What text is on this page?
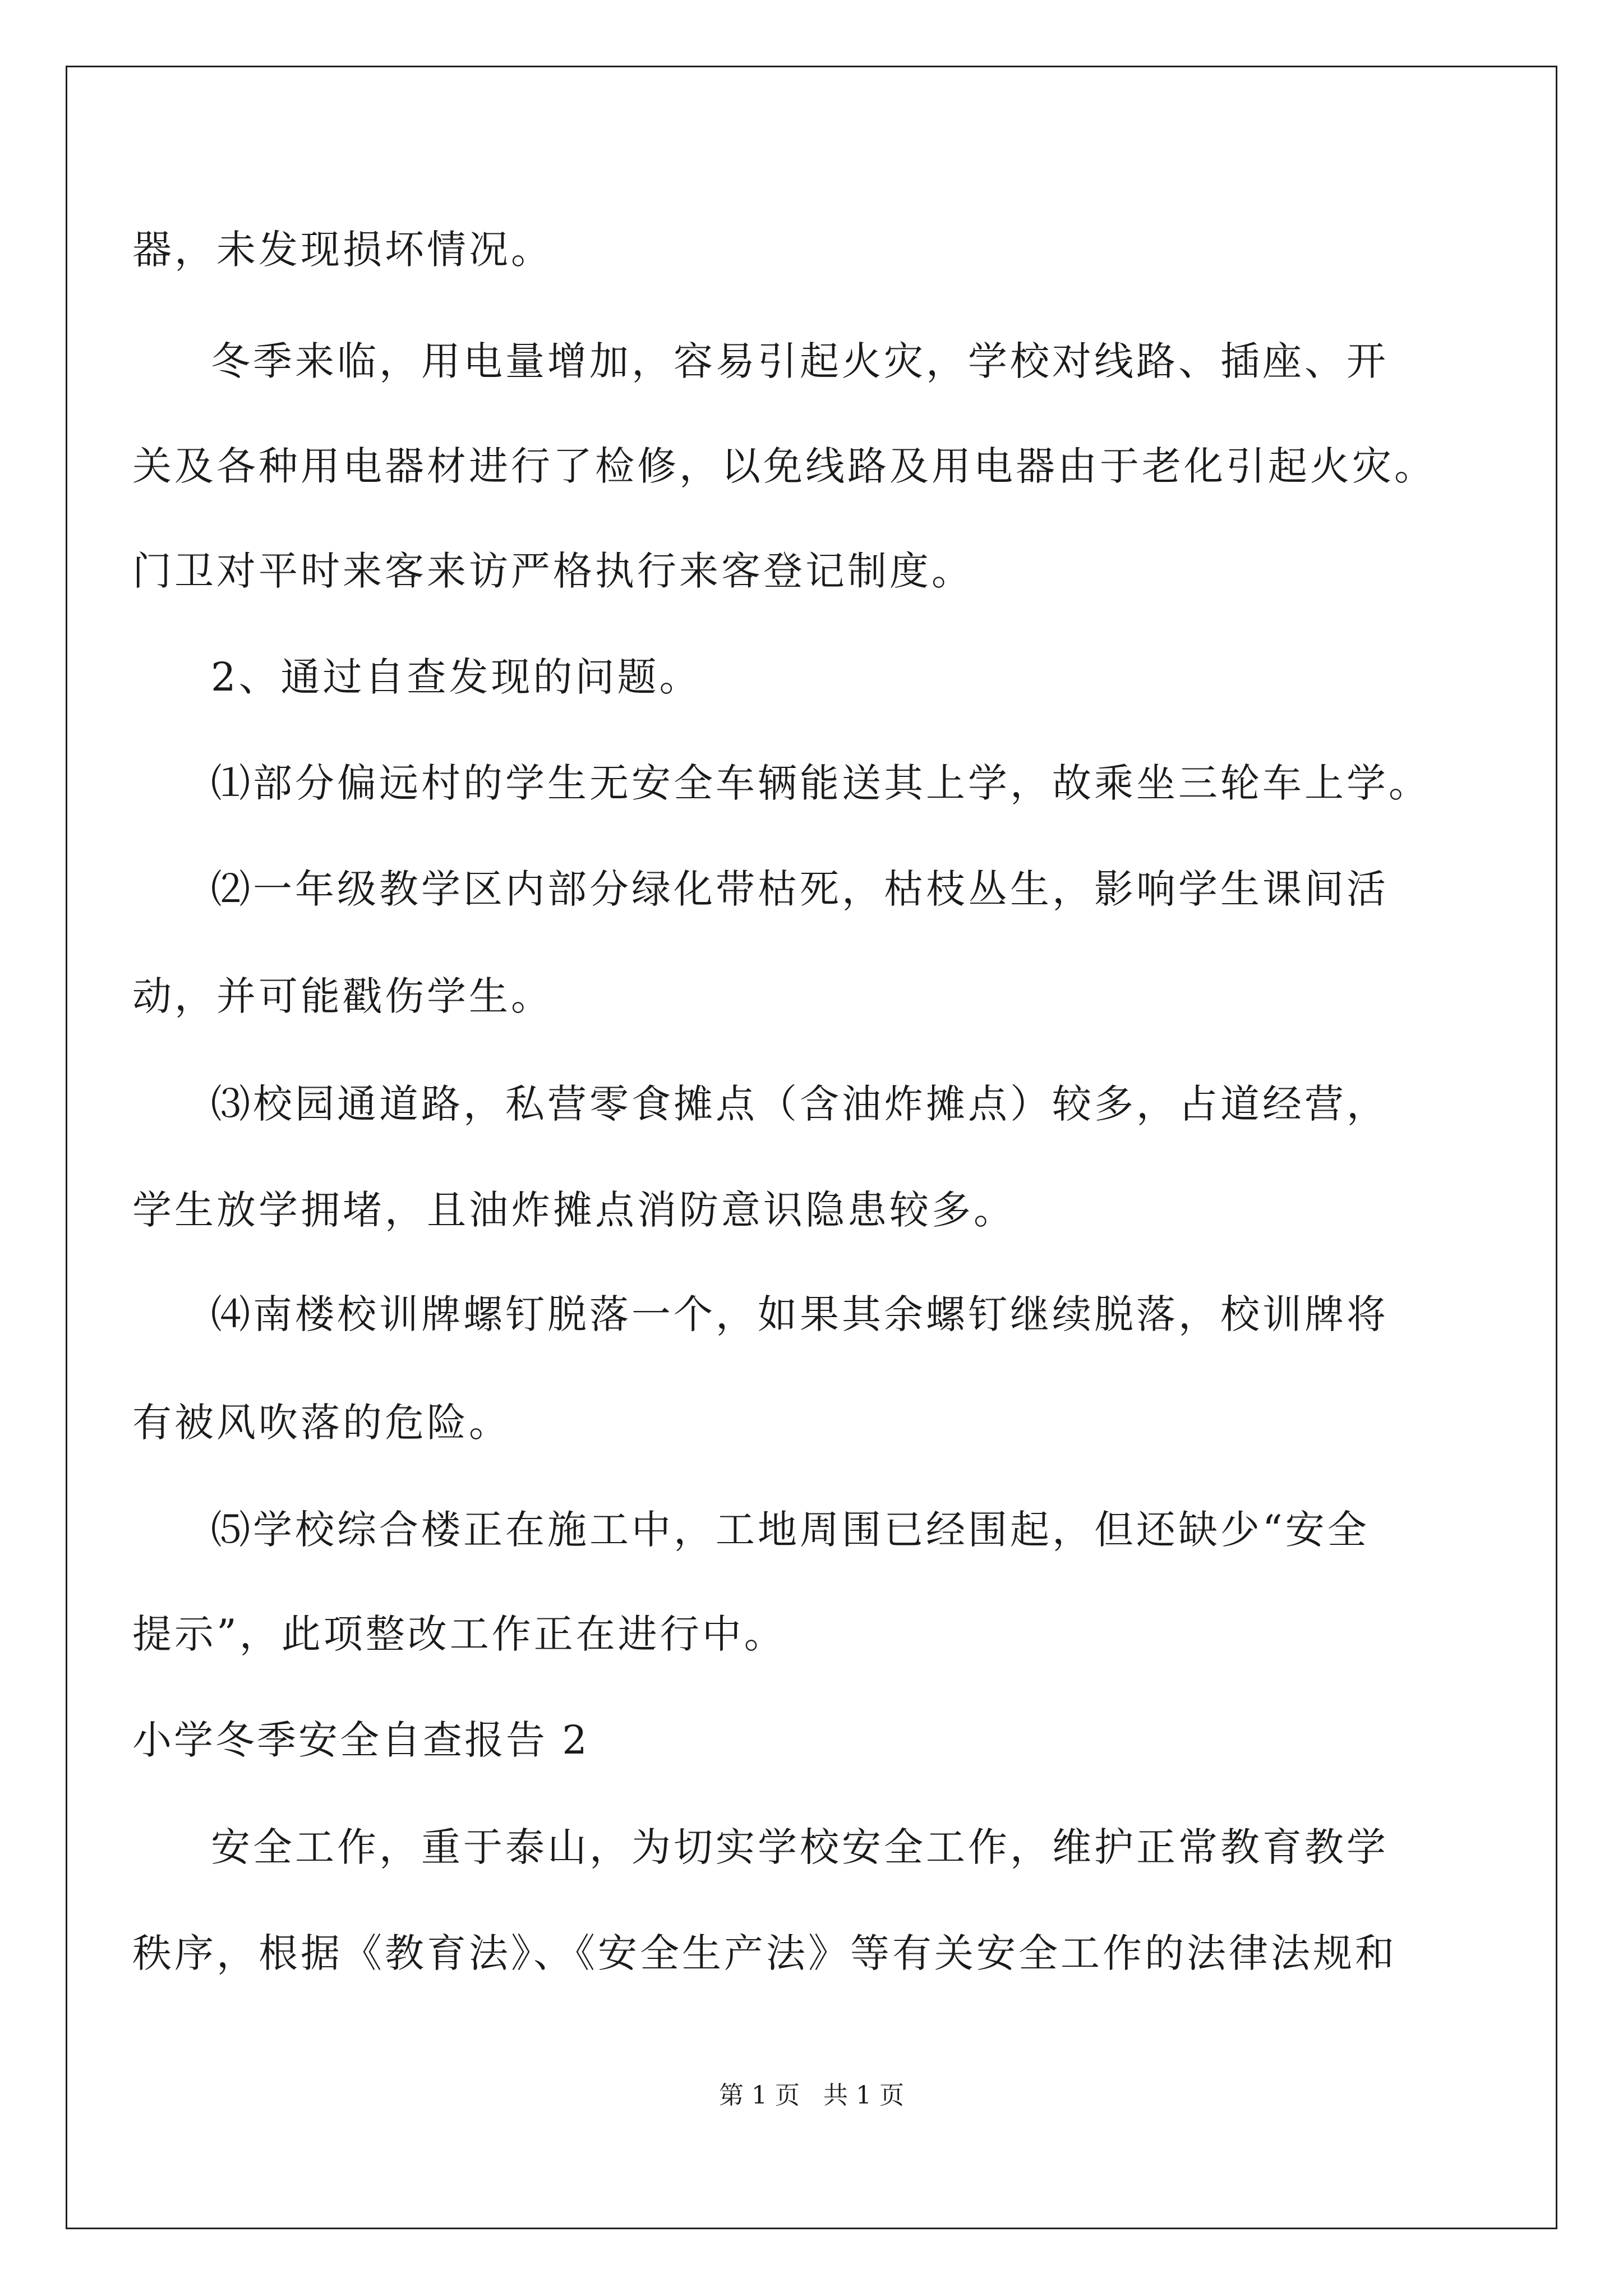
器，未发现损坏情况。
冬季来临，用电量增加，容易引起火灾，学校对线路、插座、开
关及各种用电器材进行了检修，以免线路及用电器由于老化引起火灾。
门卫对平时来客来访严格执行来客登记制度。
2、通过自查发现的问题。
⑴部分偏远村的学生无安全车辆能送其上学，故乘坐三轮车上学。
⑵一年级教学区内部分绿化带枯死，枯枝丛生，影响学生课间活
动，并可能戳伤学生。
⑶校园通道路，私营零食摊点（含油炸摊点）较多，占道经营，
学生放学拥堵，且油炸摊点消防意识隐患较多。
⑷南楼校训牌螺钉脱落一个，如果其余螺钉继续脱落，校训牌将
有被风吹落的危险。
⑸学校综合楼正在施工中，工地周围已经围起，但还缺少“安全
提示”，此项整改工作正在进行中。
小学冬季安全自查报告 2
安全工作，重于泰山，为切实学校安全工作，维护正常教育教学
秩序，根据《教育法》、《安全生产法》等有关安全工作的法律法规和
第 1 页 共 1 页
